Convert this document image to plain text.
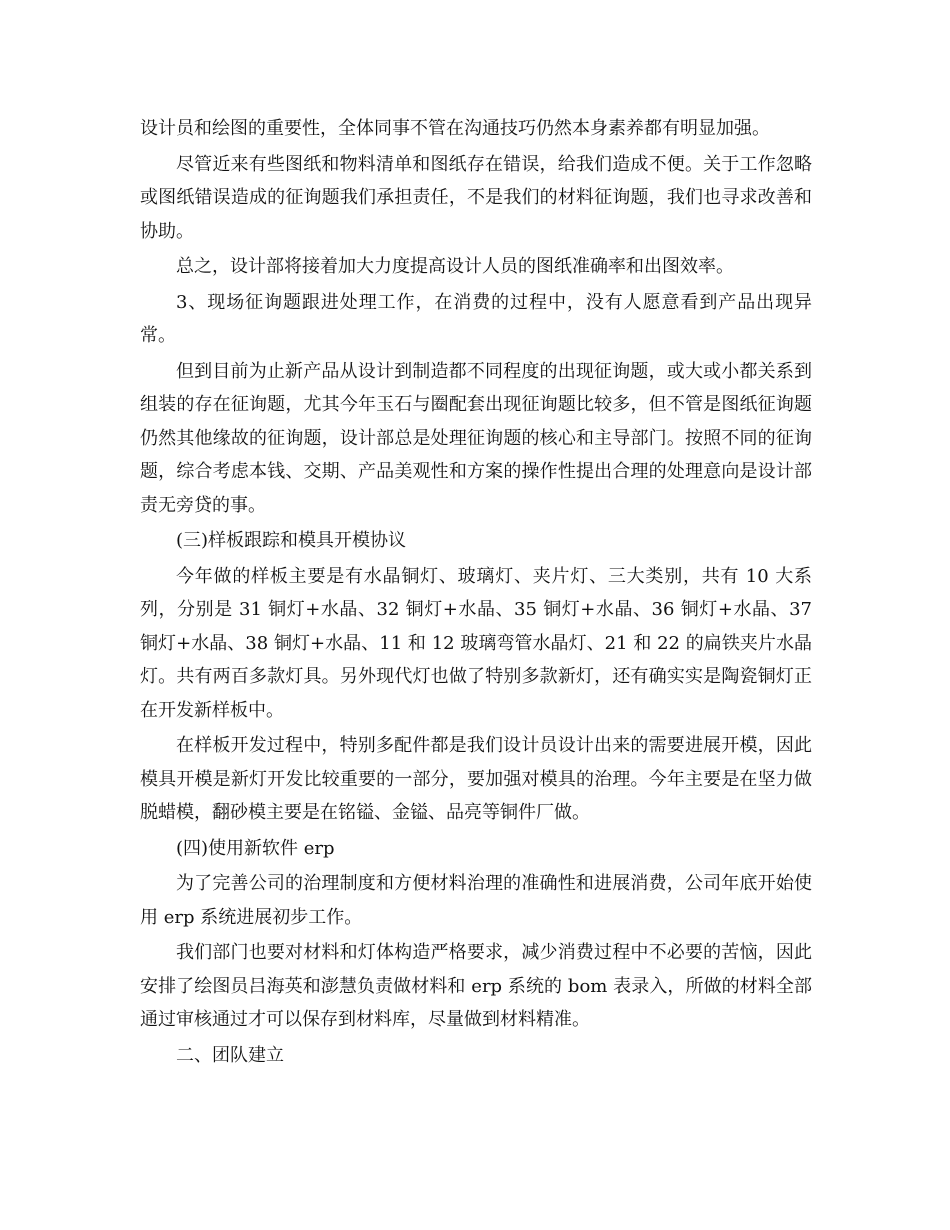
设计员和绘图的重要性，全体同事不管在沟通技巧仍然本身素养都有明显加强。

尽管近来有些图纸和物料清单和图纸存在错误，给我们造成不便。关于工作忽略或图纸错误造成的征询题我们承担责任，不是我们的材料征询题，我们也寻求改善和协助。

总之，设计部将接着加大力度提高设计人员的图纸准确率和出图效率。

3、现场征询题跟进处理工作，在消费的过程中，没有人愿意看到产品出现异常。

但到目前为止新产品从设计到制造都不同程度的出现征询题，或大或小都关系到组装的存在征询题，尤其今年玉石与圈配套出现征询题比较多，但不管是图纸征询题仍然其他缘故的征询题，设计部总是处理征询题的核心和主导部门。按照不同的征询题，综合考虑本钱、交期、产品美观性和方案的操作性提出合理的处理意向是设计部责无旁贷的事。

(三)样板跟踪和模具开模协议

今年做的样板主要是有水晶铜灯、玻璃灯、夹片灯、三大类别，共有 10 大系列，分别是 31 铜灯+水晶、32 铜灯+水晶、35 铜灯+水晶、36 铜灯+水晶、37 铜灯+水晶、38 铜灯+水晶、11 和 12 玻璃弯管水晶灯、21 和 22 的扁铁夹片水晶灯。共有两百多款灯具。另外现代灯也做了特别多款新灯，还有确实实是陶瓷铜灯正在开发新样板中。

在样板开发过程中，特别多配件都是我们设计员设计出来的需要进展开模，因此模具开模是新灯开发比较重要的一部分，要加强对模具的治理。今年主要是在坚力做脱蜡模，翻砂模主要是在铭镒、金镒、品亮等铜件厂做。

(四)使用新软件 erp

为了完善公司的治理制度和方便材料治理的准确性和进展消费，公司年底开始使用 erp 系统进展初步工作。

我们部门也要对材料和灯体构造严格要求，减少消费过程中不必要的苦恼，因此安排了绘图员吕海英和澎慧负责做材料和 erp 系统的 bom 表录入，所做的材料全部通过审核通过才可以保存到材料库，尽量做到材料精准。

二、团队建立
